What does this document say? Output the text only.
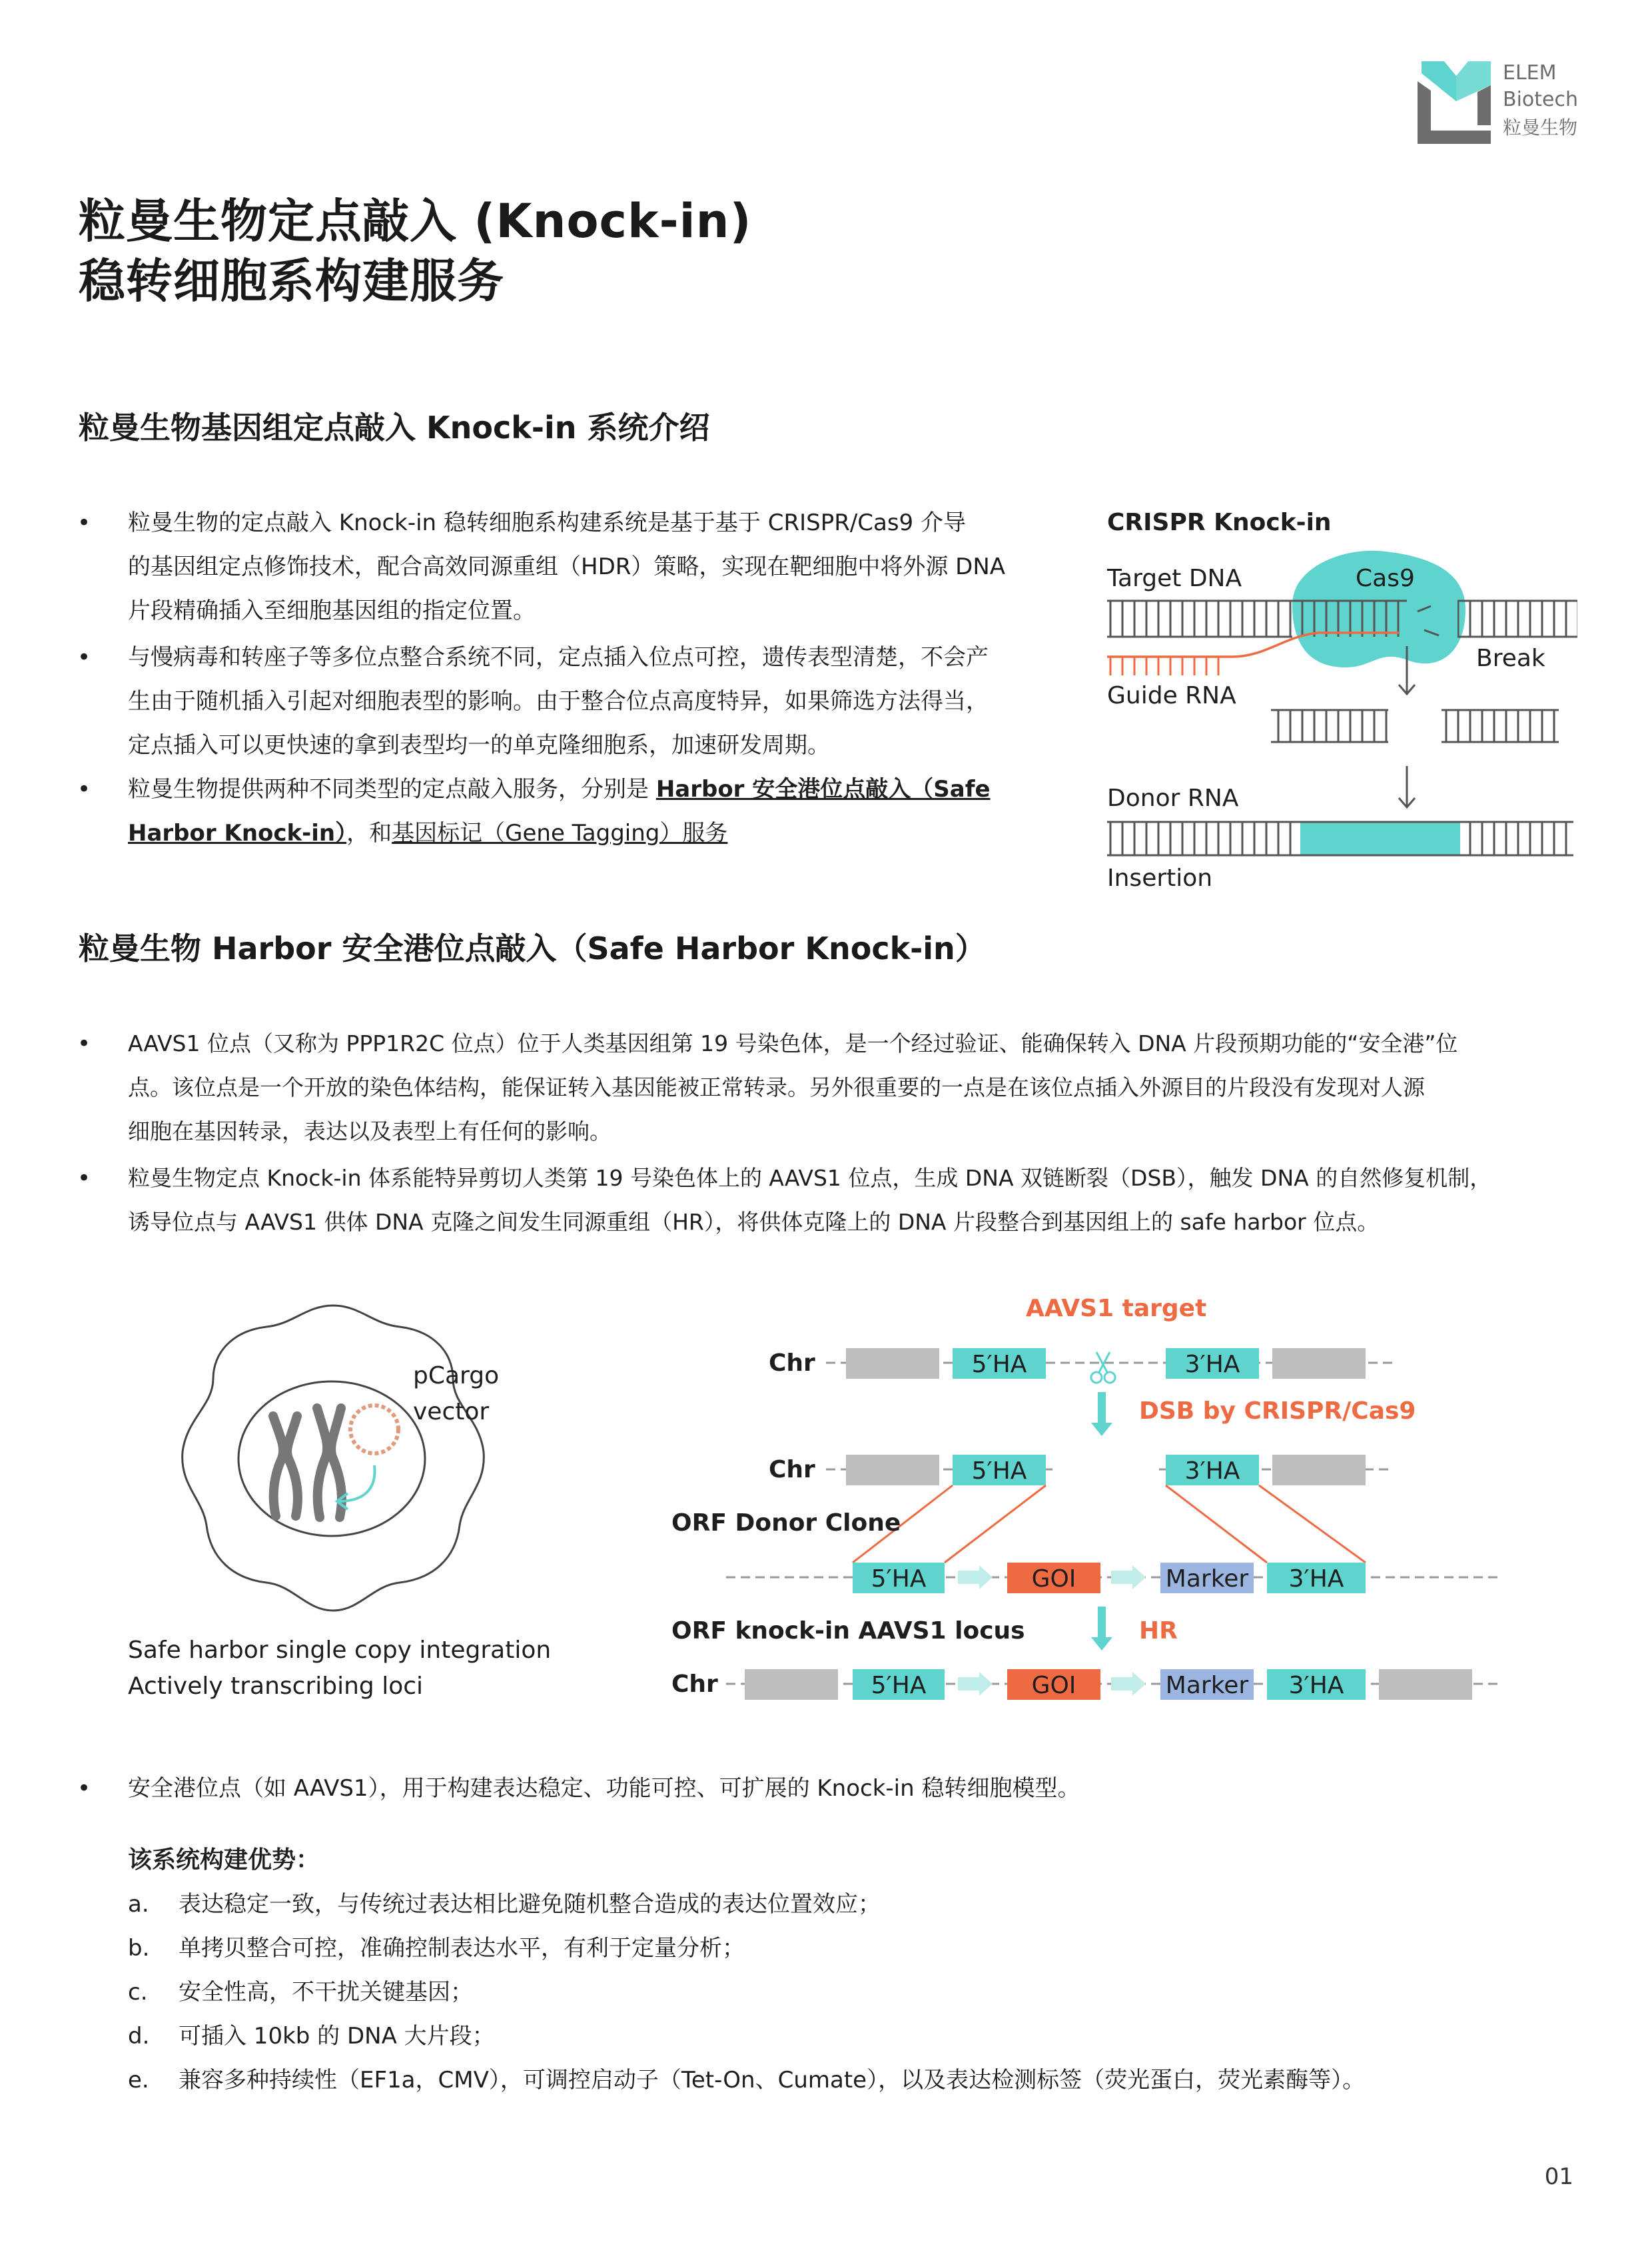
ELEM
Biotech
粒曼生物
粒曼生物定点敲入 (Knock-in)
稳转细胞系构建服务
粒曼生物基因组定点敲入 Knock-in 系统介绍
• 粒曼生物的定点敲入 Knock-in 稳转细胞系构建系统是基于基于 CRISPR/Cas9 介导

的基因组定点修饰技术，配合高效同源重组（HDR）策略，实现在靶细胞中将外源 DNA

片段精确插入至细胞基因组的指定位置。

• 与慢病毒和转座子等多位点整合系统不同，定点插入位点可控，遗传表型清楚，不会产

生由于随机插入引起对细胞表型的影响。由于整合位点高度特异，如果筛选方法得当，

定点插入可以更快速的拿到表型均一的单克隆细胞系，加速研发周期。

• 粒曼生物提供两种不同类型的定点敲入服务，分别是 Harbor 安全港位点敲入（Safe

Harbor Knock-in），和基因标记（Gene Tagging）服务

CRISPR Knock-in
Target DNA	Cas9
Guide RNA
Break
Donor RNA
Insertion
粒曼生物 Harbor 安全港位点敲入（Safe Harbor Knock-in）
• AAVS1 位点（又称为 PPP1R2C 位点）位于人类基因组第 19 号染色体，是一个经过验证、能确保转入 DNA 片段预期功能的“安全港”位

点。该位点是一个开放的染色体结构，能保证转入基因能被正常转录。另外很重要的一点是在该位点插入外源目的片段没有发现对人源

细胞在基因转录，表达以及表型上有任何的影响。

• 粒曼生物定点 Knock-in 体系能特异剪切人类第 19 号染色体上的 AAVS1 位点，生成 DNA 双链断裂（DSB），触发 DNA 的自然修复机制，

诱导位点与 AAVS1 供体 DNA 克隆之间发生同源重组（HR），将供体克隆上的 DNA 片段整合到基因组上的 safe harbor 位点。

pCargo
vector
Safe harbor single copy integration
Actively transcribing loci
AAVS1 target
Chr	5′HA	3′HA
DSB by CRISPR/Cas9
Chr	5′HA	3′HA
ORF Donor Clone
5′HA	GOI	Marker 3′HA
ORF knock-in AAVS1 locus	HR
Chr	5′HA	GOI	Marker 3′HA
• 安全港位点（如 AAVS1），用于构建表达稳定、功能可控、可扩展的 Knock-in 稳转细胞模型。
该系统构建优势：
a. 表达稳定一致，与传统过表达相比避免随机整合造成的表达位置效应；
b. 单拷贝整合可控，准确控制表达水平，有利于定量分析；
c. 安全性高，不干扰关键基因；
d. 可插入 10kb 的 DNA 大片段；
e. 兼容多种持续性（EF1a，CMV），可调控启动子（Tet-On、Cumate），以及表达检测标签（荧光蛋白，荧光素酶等）。
01
